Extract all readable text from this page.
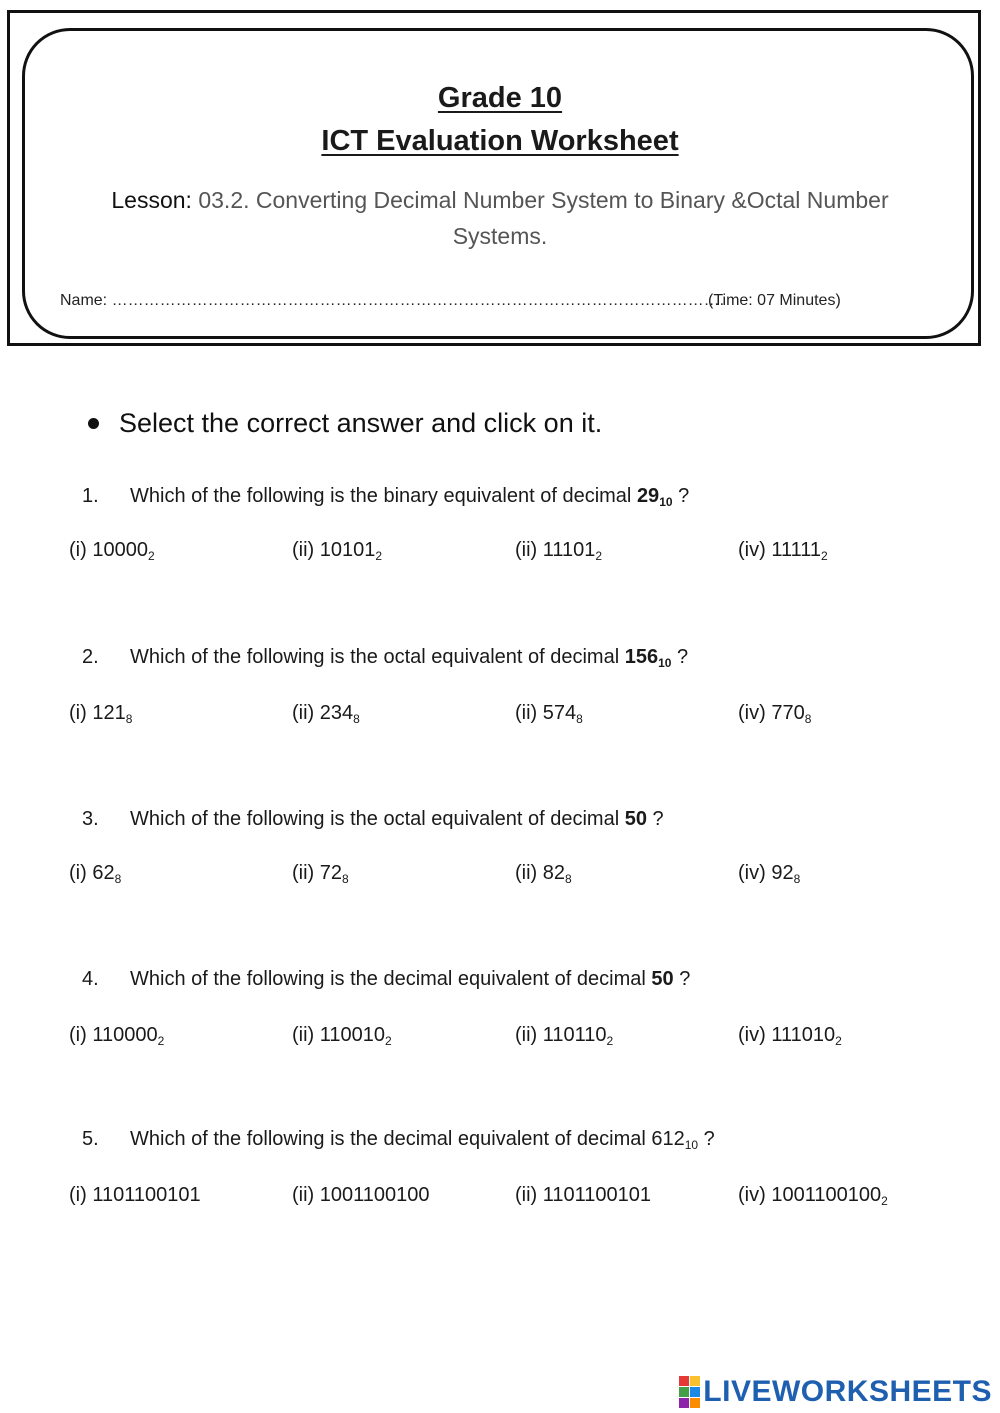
Grade 10
ICT Evaluation Worksheet
Lesson: 03.2. Converting Decimal Number System to Binary &Octal Number Systems.
Name: …………………………………………………………………………………………………….
(Time: 07 Minutes)
Select the correct answer and click on it.
1. Which of the following is the binary equivalent of decimal $29_{10}$ ?
(i) $10000_2$	(ii) $10101_2$	(ii) $11101_2$	(iv) $11111_2$
2. Which of the following is the octal equivalent of decimal $156_{10}$ ?
(i) $121_8$	(ii) $234_8$	(ii) $574_8$	(iv) $770_8$
3. Which of the following is the octal equivalent of decimal 50 ?
(i) $62_8$	(ii) $72_8$	(ii) $82_8$	(iv) $92_8$
4. Which of the following is the decimal equivalent of decimal 50 ?
(i) $110000_2$	(ii) $110010_2$	(ii) $110110_2$	(iv) $111010_2$
5. Which of the following is the decimal equivalent of decimal $612_{10}$ ?
(i) 1101100101	(ii) 1001100100	(ii) 1101100101	(iv) $1001100100_2$
LIVEWORKSHEETS
